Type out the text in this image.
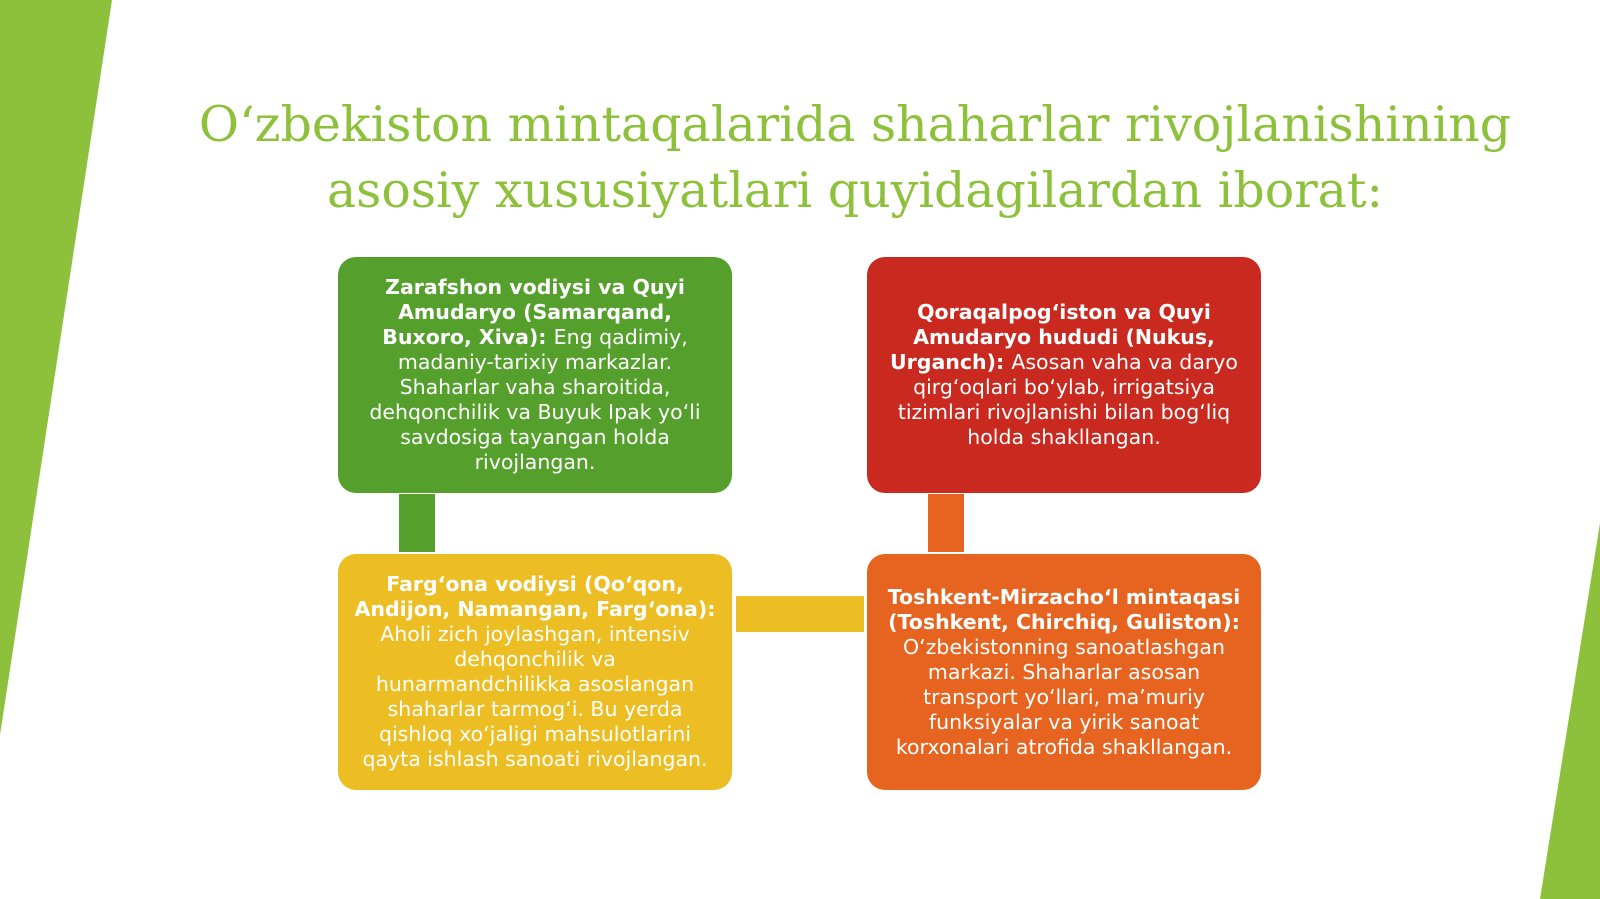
O‘zbekiston mintaqalarida shaharlar rivojlanishining asosiy xususiyatlari quyidagilardan iborat:

Zarafshon vodiysi va Quyi Amudaryo (Samarqand, Buxoro, Xiva): Eng qadimiy, madaniy-tarixiy markazlar. Shaharlar vaha sharoitida, dehqonchilik va Buyuk Ipak yo‘li savdosiga tayangan holda rivojlangan.

Qoraqalpog‘iston va Quyi Amudaryo hududi (Nukus, Urganch): Asosan vaha va daryo qirg‘oqlari bo‘ylab, irrigatsiya tizimlari rivojlanishi bilan bog‘liq holda shakllangan.

Farg‘ona vodiysi (Qo‘qon, Andijon, Namangan, Farg‘ona): Aholi zich joylashgan, intensiv dehqonchilik va hunarmandchilikka asoslangan shaharlar tarmog‘i. Bu yerda qishloq xo‘jaligi mahsulotlarini qayta ishlash sanoati rivojlangan.

Toshkent-Mirzacho‘l mintaqasi (Toshkent, Chirchiq, Guliston): O‘zbekistonning sanoatlashgan markazi. Shaharlar asosan transport yo‘llari, ma’muriy funksiyalar va yirik sanoat korxonalari atrofida shakllangan.
